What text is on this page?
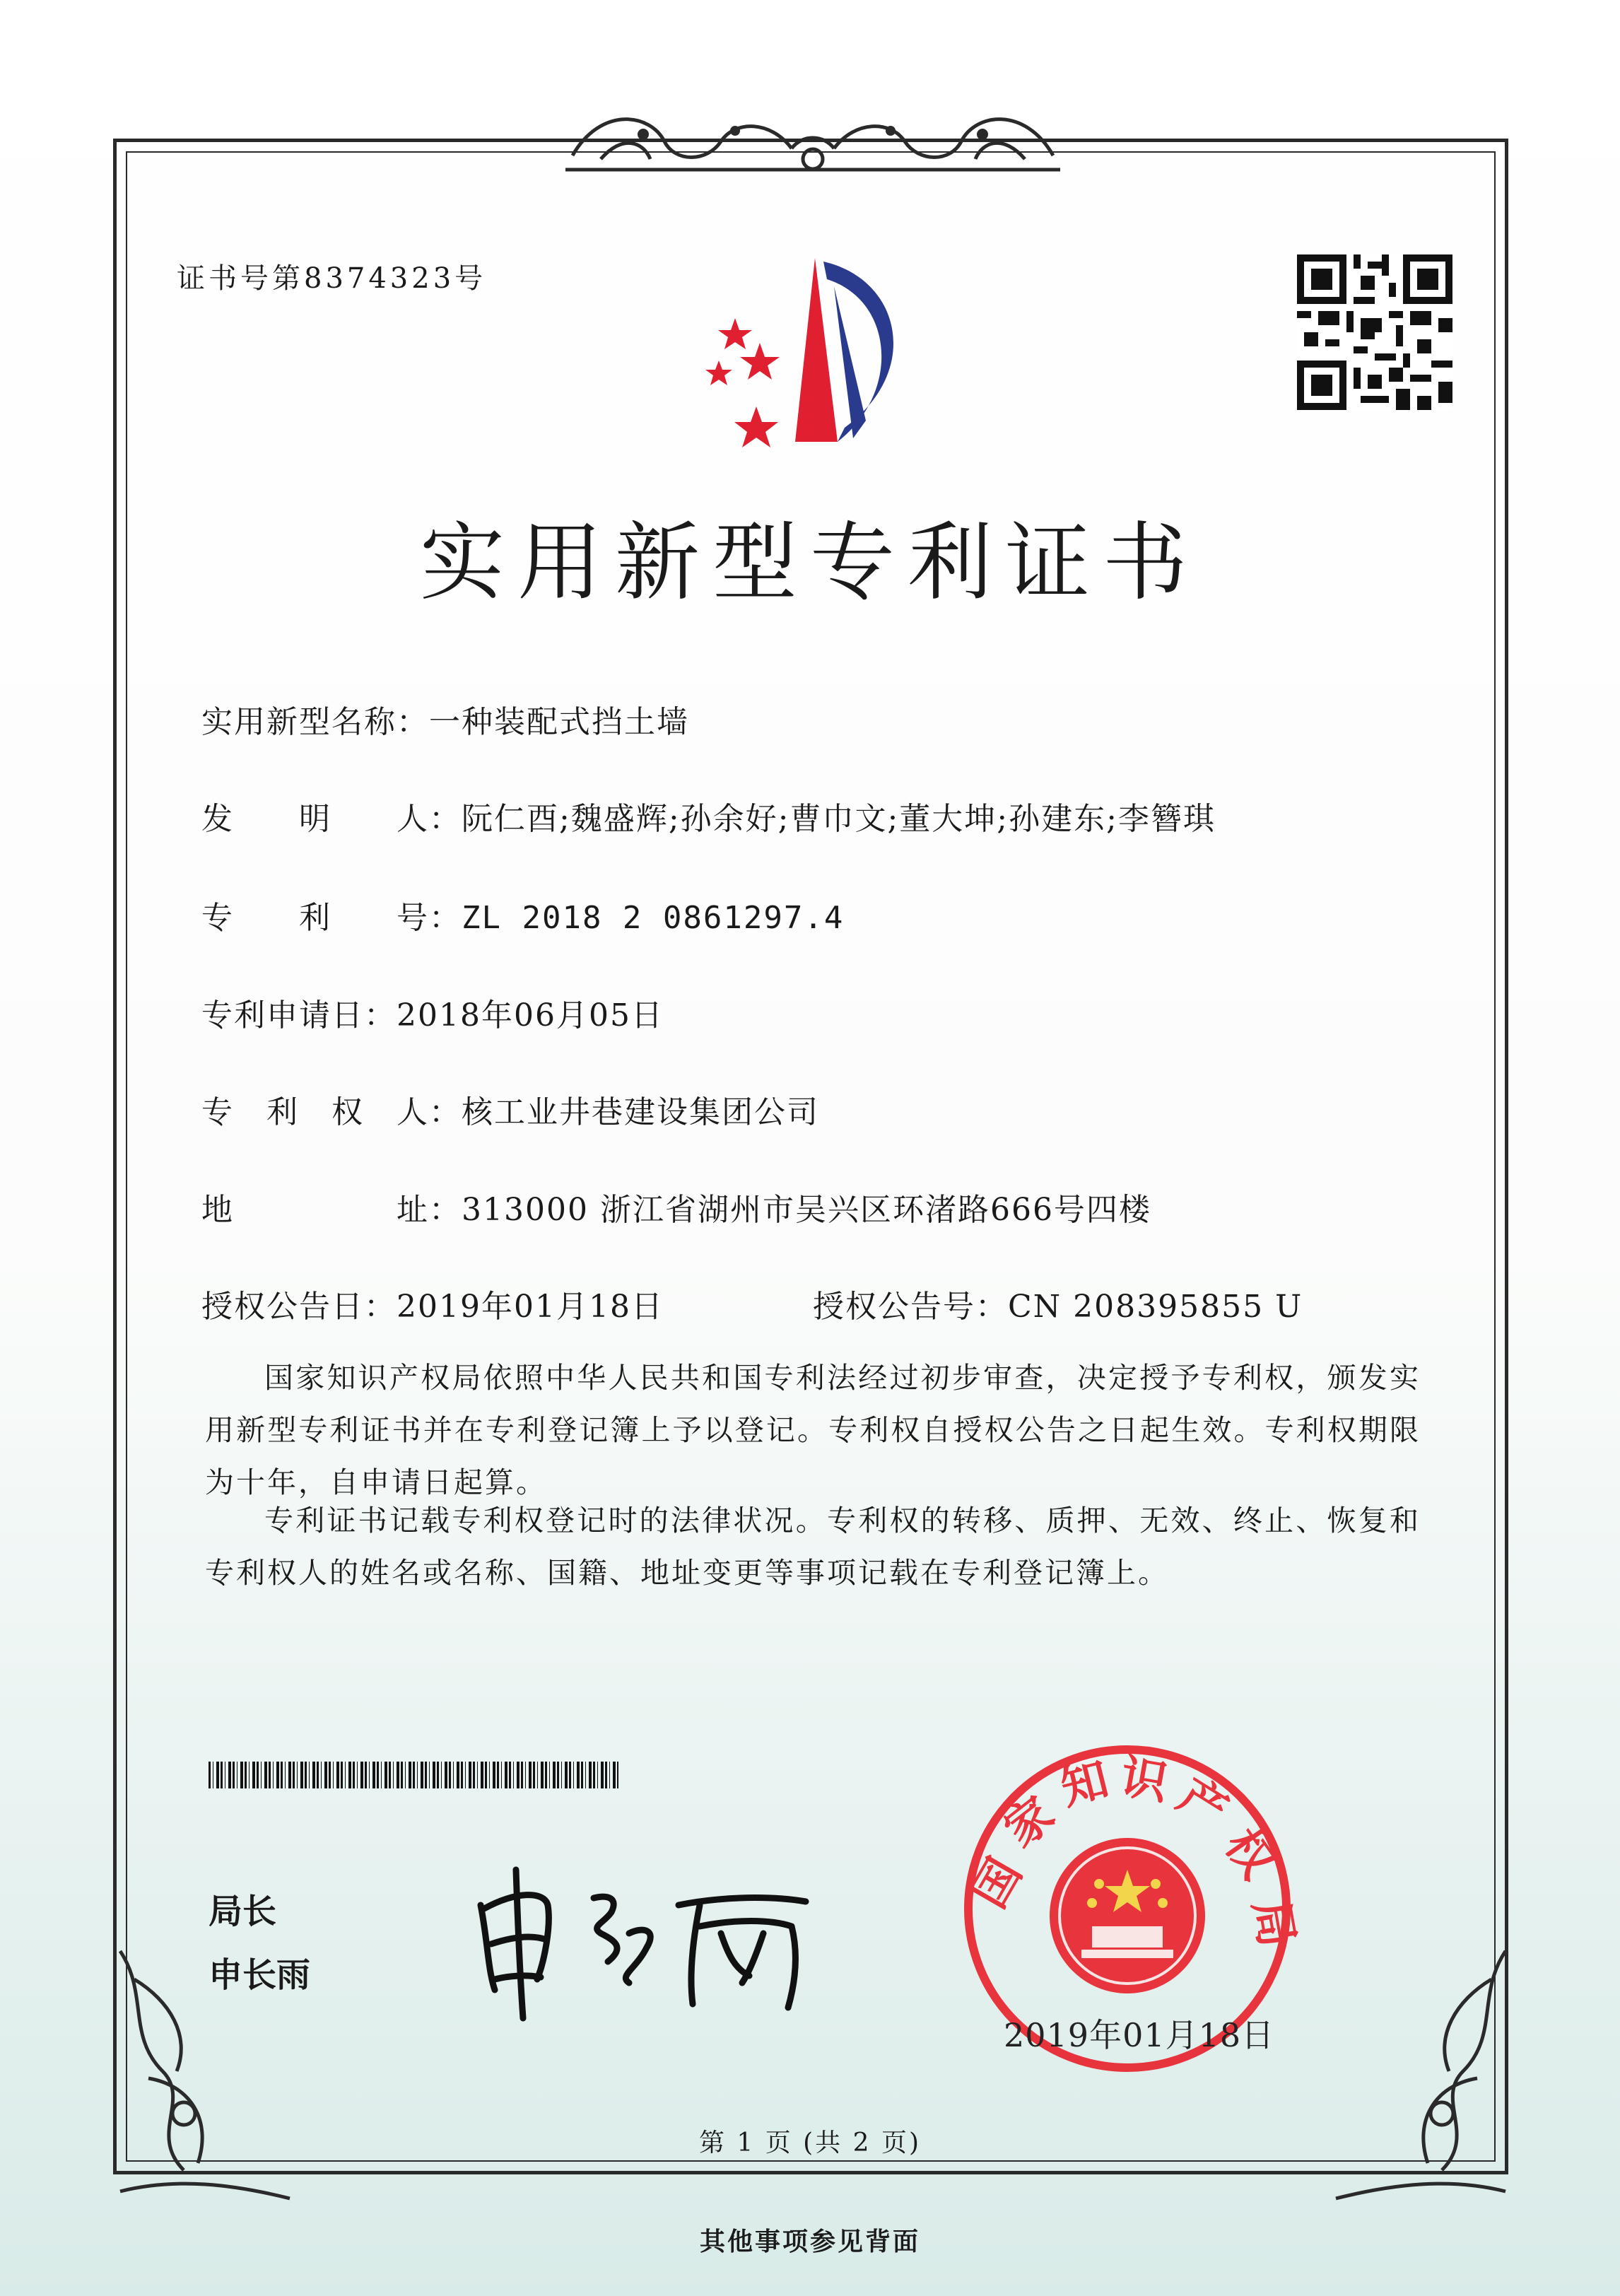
证书号第8374323号
实用新型专利证书
实用新型名称：一种装配式挡土墙
发　　明　　人：阮仁酉;魏盛辉;孙余好;曹巾文;董大坤;孙建东;李簪琪
专　　利　　号：ZL 2018 2 0861297.4
专利申请日：2018年06月05日
专　利　权　人：核工业井巷建设集团公司
地　　　　　址：313000 浙江省湖州市吴兴区环渚路666号四楼
授权公告日：2019年01月18日	授权公告号：CN 208395855 U
国家知识产权局依照中华人民共和国专利法经过初步审查，决定授予专利权，颁发实用新型专利证书并在专利登记簿上予以登记。专利权自授权公告之日起生效。专利权期限为十年，自申请日起算。
专利证书记载专利权登记时的法律状况。专利权的转移、质押、无效、终止、恢复和专利权人的姓名或名称、国籍、地址变更等事项记载在专利登记簿上。
局长
申长雨
国
家
知 识
产
权
局
2019年01月18日
第 1 页 (共 2 页)
其他事项参见背面
